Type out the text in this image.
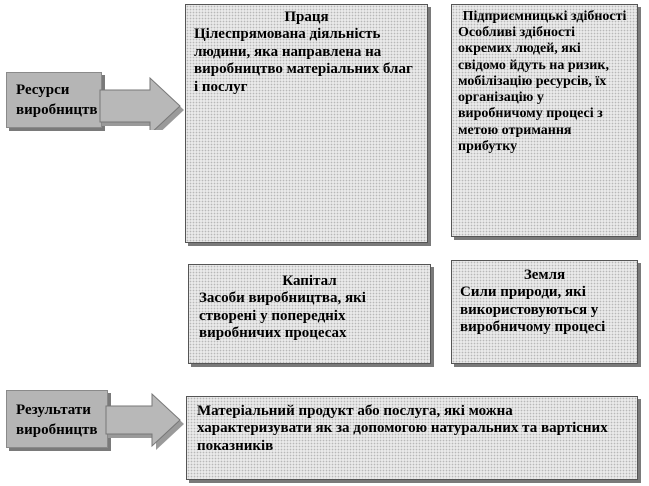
Ресурси
виробництв
Результати
виробництв
Праця
Цілеспрямована діяльність людини, яка направлена на виробництво матеріальних благ і послуг
Підприємницькі здібності
Особливі здібності окремих людей, які свідомо йдуть на ризик, мобілізацію ресурсів, їх організацію у виробничому процесі з метою отримання прибутку
Капітал
Засоби виробництва, які створені у попередніх виробничих процесах
Земля
Сили природи, які використовуються у виробничому процесі
Матеріальний продукт або послуга, які можна характеризувати як за допомогою натуральних та вартісних показників
